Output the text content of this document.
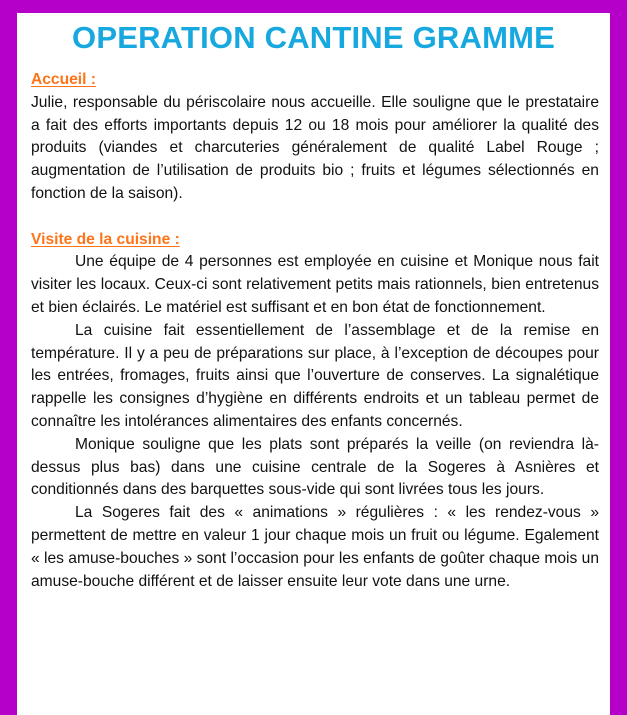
OPERATION CANTINE GRAMME

Accueil :

Julie, responsable du périscolaire nous accueille. Elle souligne que le prestataire a fait des efforts importants depuis 12 ou 18 mois pour améliorer la qualité des produits (viandes et charcuteries généralement de qualité Label Rouge ; augmentation de l’utilisation de produits bio ; fruits et légumes sélectionnés en fonction de la saison).

Visite de la cuisine :

Une équipe de 4 personnes est employée en cuisine et Monique nous fait visiter les locaux. Ceux-ci sont relativement petits mais rationnels, bien entretenus et bien éclairés. Le matériel est suffisant et en bon état de fonctionnement.

La cuisine fait essentiellement de l’assemblage et de la remise en température. Il y a peu de préparations sur place, à l’exception de découpes pour les entrées, fromages, fruits ainsi que l’ouverture de conserves. La signalétique rappelle les consignes d’hygiène en différents endroits et un tableau permet de connaître les intolérances alimentaires des enfants concernés.

Monique souligne que les plats sont préparés la veille (on reviendra là-dessus plus bas) dans une cuisine centrale de la Sogeres à Asnières et conditionnés dans des barquettes sous-vide qui sont livrées tous les jours.

La Sogeres fait des « animations » régulières : « les rendez-vous » permettent de mettre en valeur 1 jour chaque mois un fruit ou légume. Egalement « les amuse-bouches » sont l’occasion pour les enfants de goûter chaque mois un amuse-bouche différent et de laisser ensuite leur vote dans une urne.
